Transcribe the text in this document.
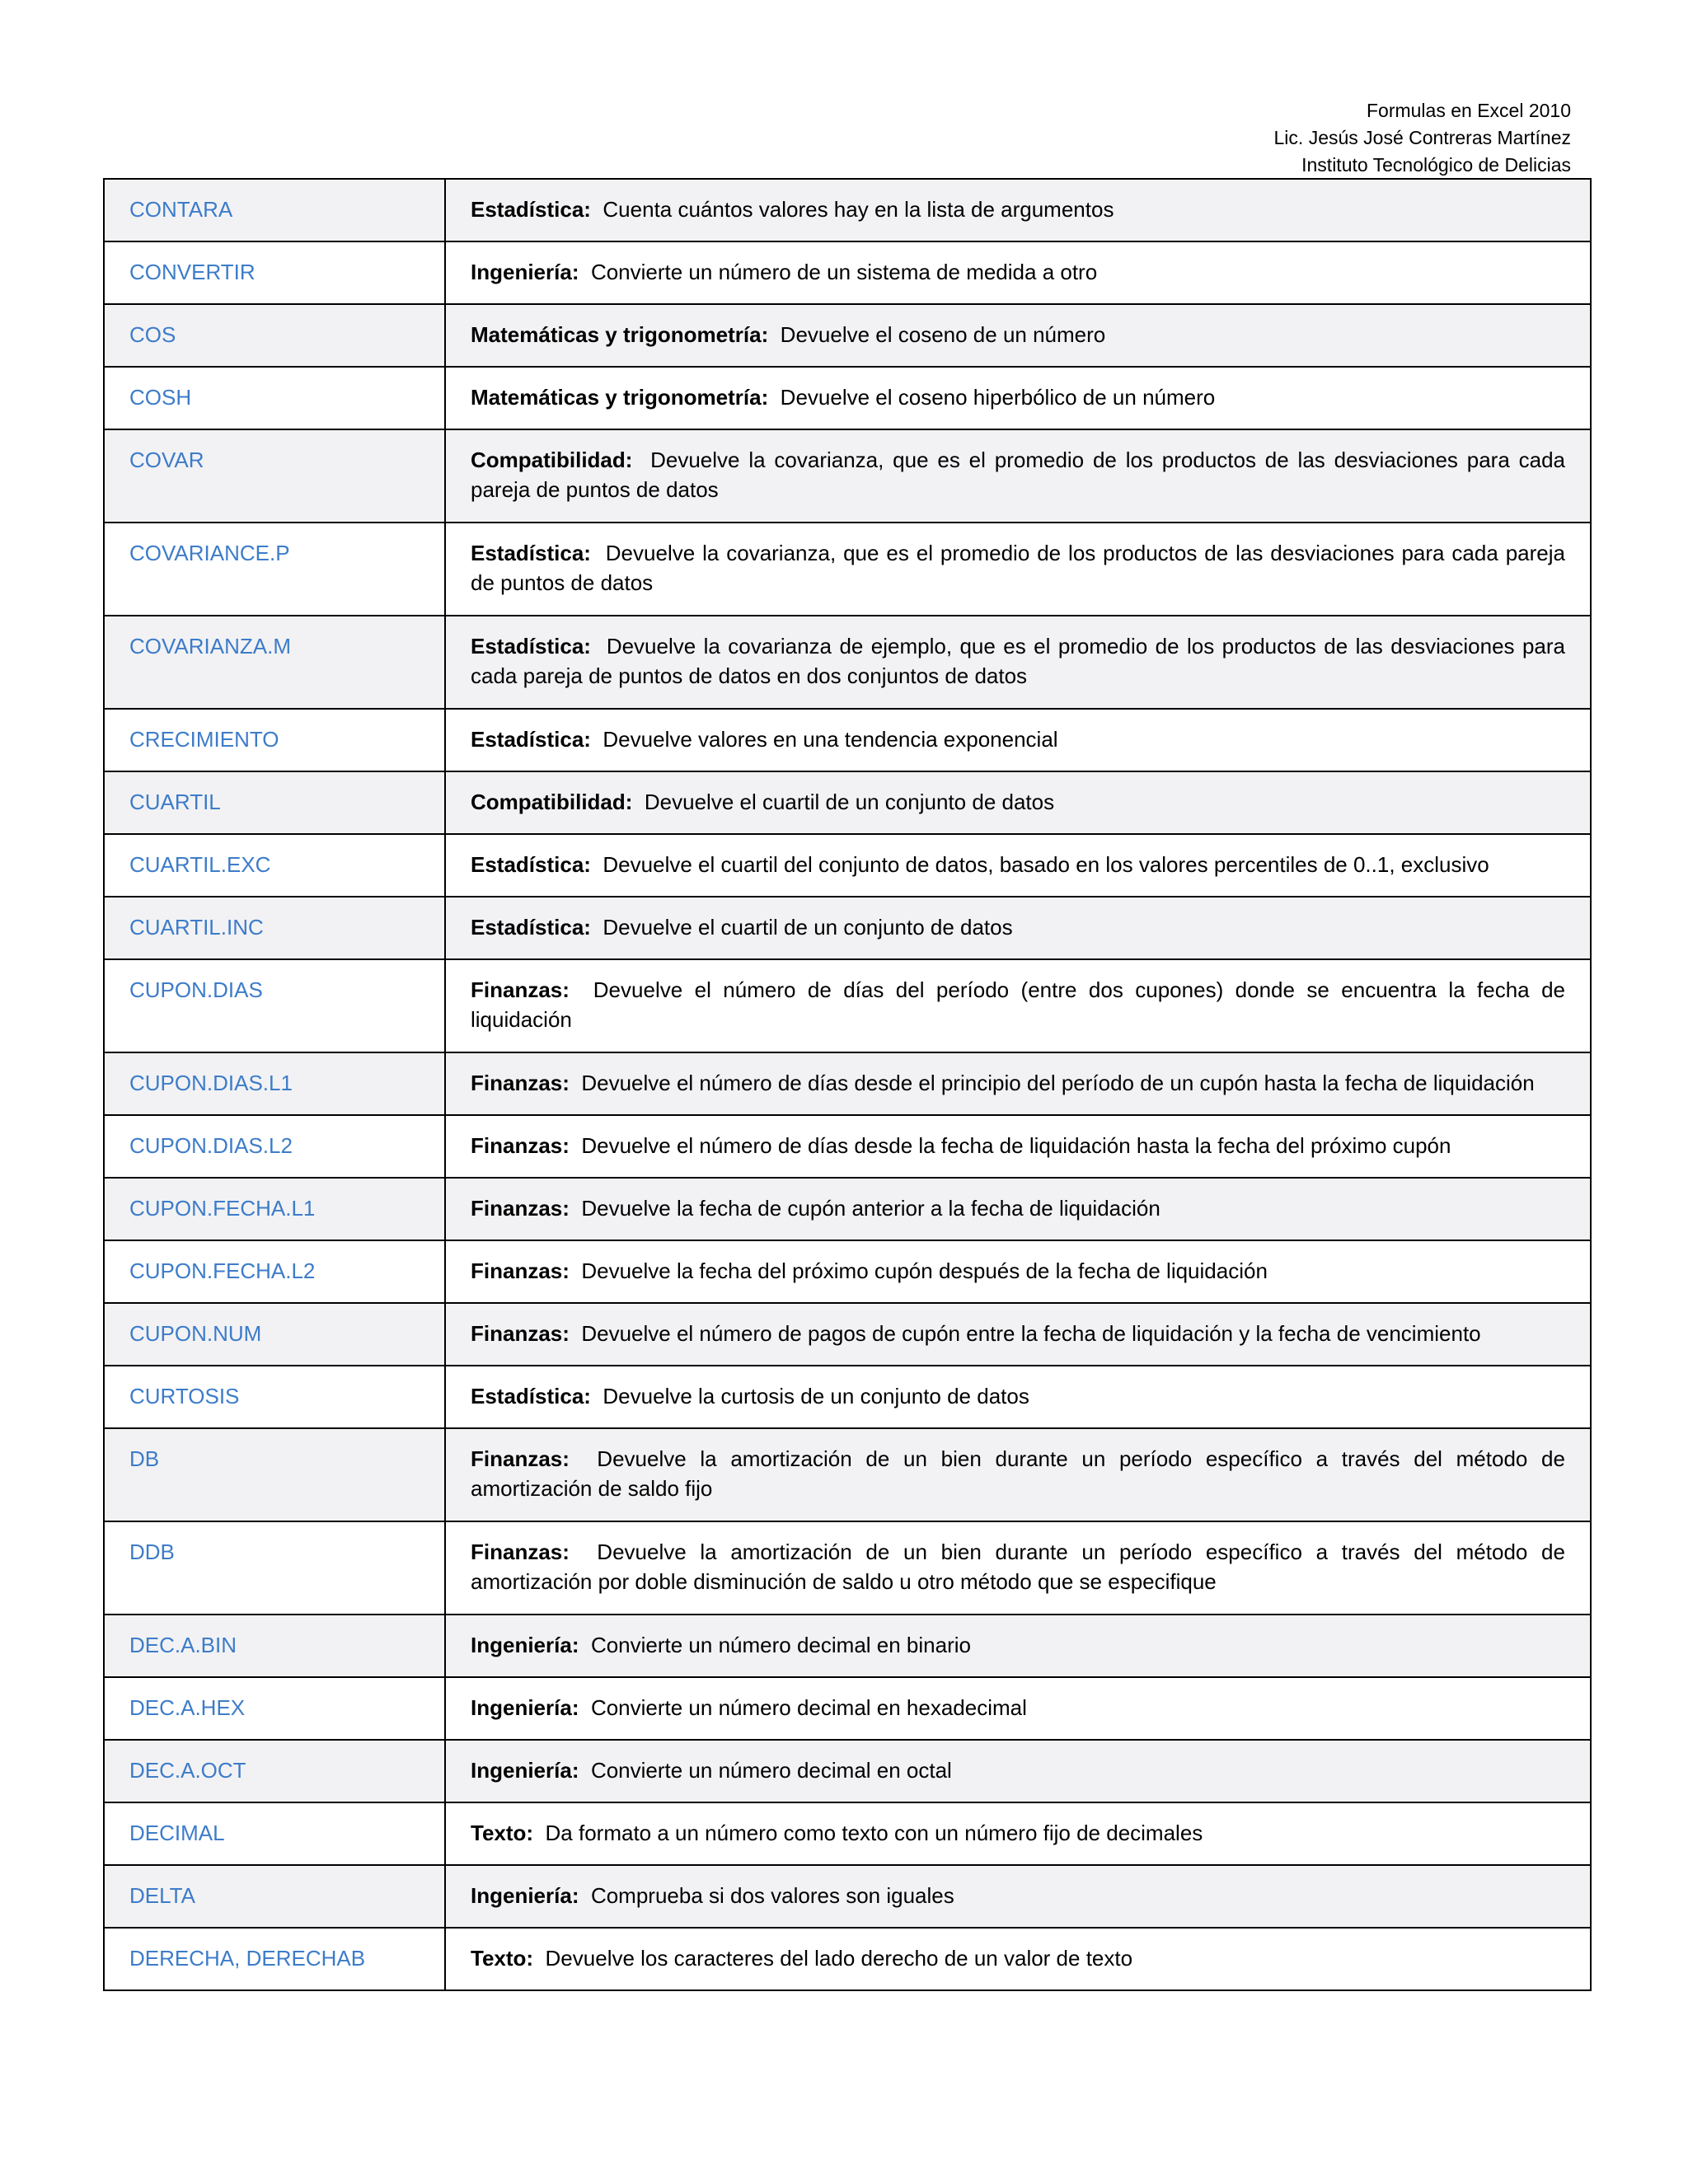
Formulas en Excel 2010
Lic. Jesús José Contreras Martínez
Instituto Tecnológico de Delicias
CONTARA	Estadística : Cuenta cuántos valores hay en la lista de argumentos
CONVERTIR	Ingeniería : Convierte un número de un sistema de medida a otro
COS	Matemáticas y trigonometría : Devuelve el coseno de un número
COSH	Matemáticas y trigonometría : Devuelve el coseno hiperbólico de un número
COVAR	Compatibilidad : Devuelve la covarianza, que es el promedio de los productos de las desviaciones para cada pareja de puntos de datos
COVARIANCE.P	Estadística : Devuelve la covarianza, que es el promedio de los productos de las desviaciones para cada pareja de puntos de datos
COVARIANZA.M	Estadística : Devuelve la covarianza de ejemplo, que es el promedio de los productos de las desviaciones para cada pareja de puntos de datos en dos conjuntos de datos
CRECIMIENTO	Estadística : Devuelve valores en una tendencia exponencial
CUARTIL	Compatibilidad : Devuelve el cuartil de un conjunto de datos
CUARTIL.EXC	Estadística : Devuelve el cuartil del conjunto de datos, basado en los valores percentiles de 0..1, exclusivo
CUARTIL.INC	Estadística : Devuelve el cuartil de un conjunto de datos
CUPON.DIAS	Finanzas : Devuelve el número de días del período (entre dos cupones) donde se encuentra la fecha de liquidación
CUPON.DIAS.L1	Finanzas : Devuelve el número de días desde el principio del período de un cupón hasta la fecha de liquidación
CUPON.DIAS.L2	Finanzas : Devuelve el número de días desde la fecha de liquidación hasta la fecha del próximo cupón
CUPON.FECHA.L1	Finanzas : Devuelve la fecha de cupón anterior a la fecha de liquidación
CUPON.FECHA.L2	Finanzas : Devuelve la fecha del próximo cupón después de la fecha de liquidación
CUPON.NUM	Finanzas : Devuelve el número de pagos de cupón entre la fecha de liquidación y la fecha de vencimiento
CURTOSIS	Estadística : Devuelve la curtosis de un conjunto de datos
DB	Finanzas : Devuelve la amortización de un bien durante un período específico a través del método de amortización de saldo fijo
DDB	Finanzas : Devuelve la amortización de un bien durante un período específico a través del método de amortización por doble disminución de saldo u otro método que se especifique
DEC.A.BIN	Ingeniería : Convierte un número decimal en binario
DEC.A.HEX	Ingeniería : Convierte un número decimal en hexadecimal
DEC.A.OCT	Ingeniería : Convierte un número decimal en octal
DECIMAL	Texto : Da formato a un número como texto con un número fijo de decimales
DELTA	Ingeniería : Comprueba si dos valores son iguales
DERECHA, DERECHAB	Texto : Devuelve los caracteres del lado derecho de un valor de texto
